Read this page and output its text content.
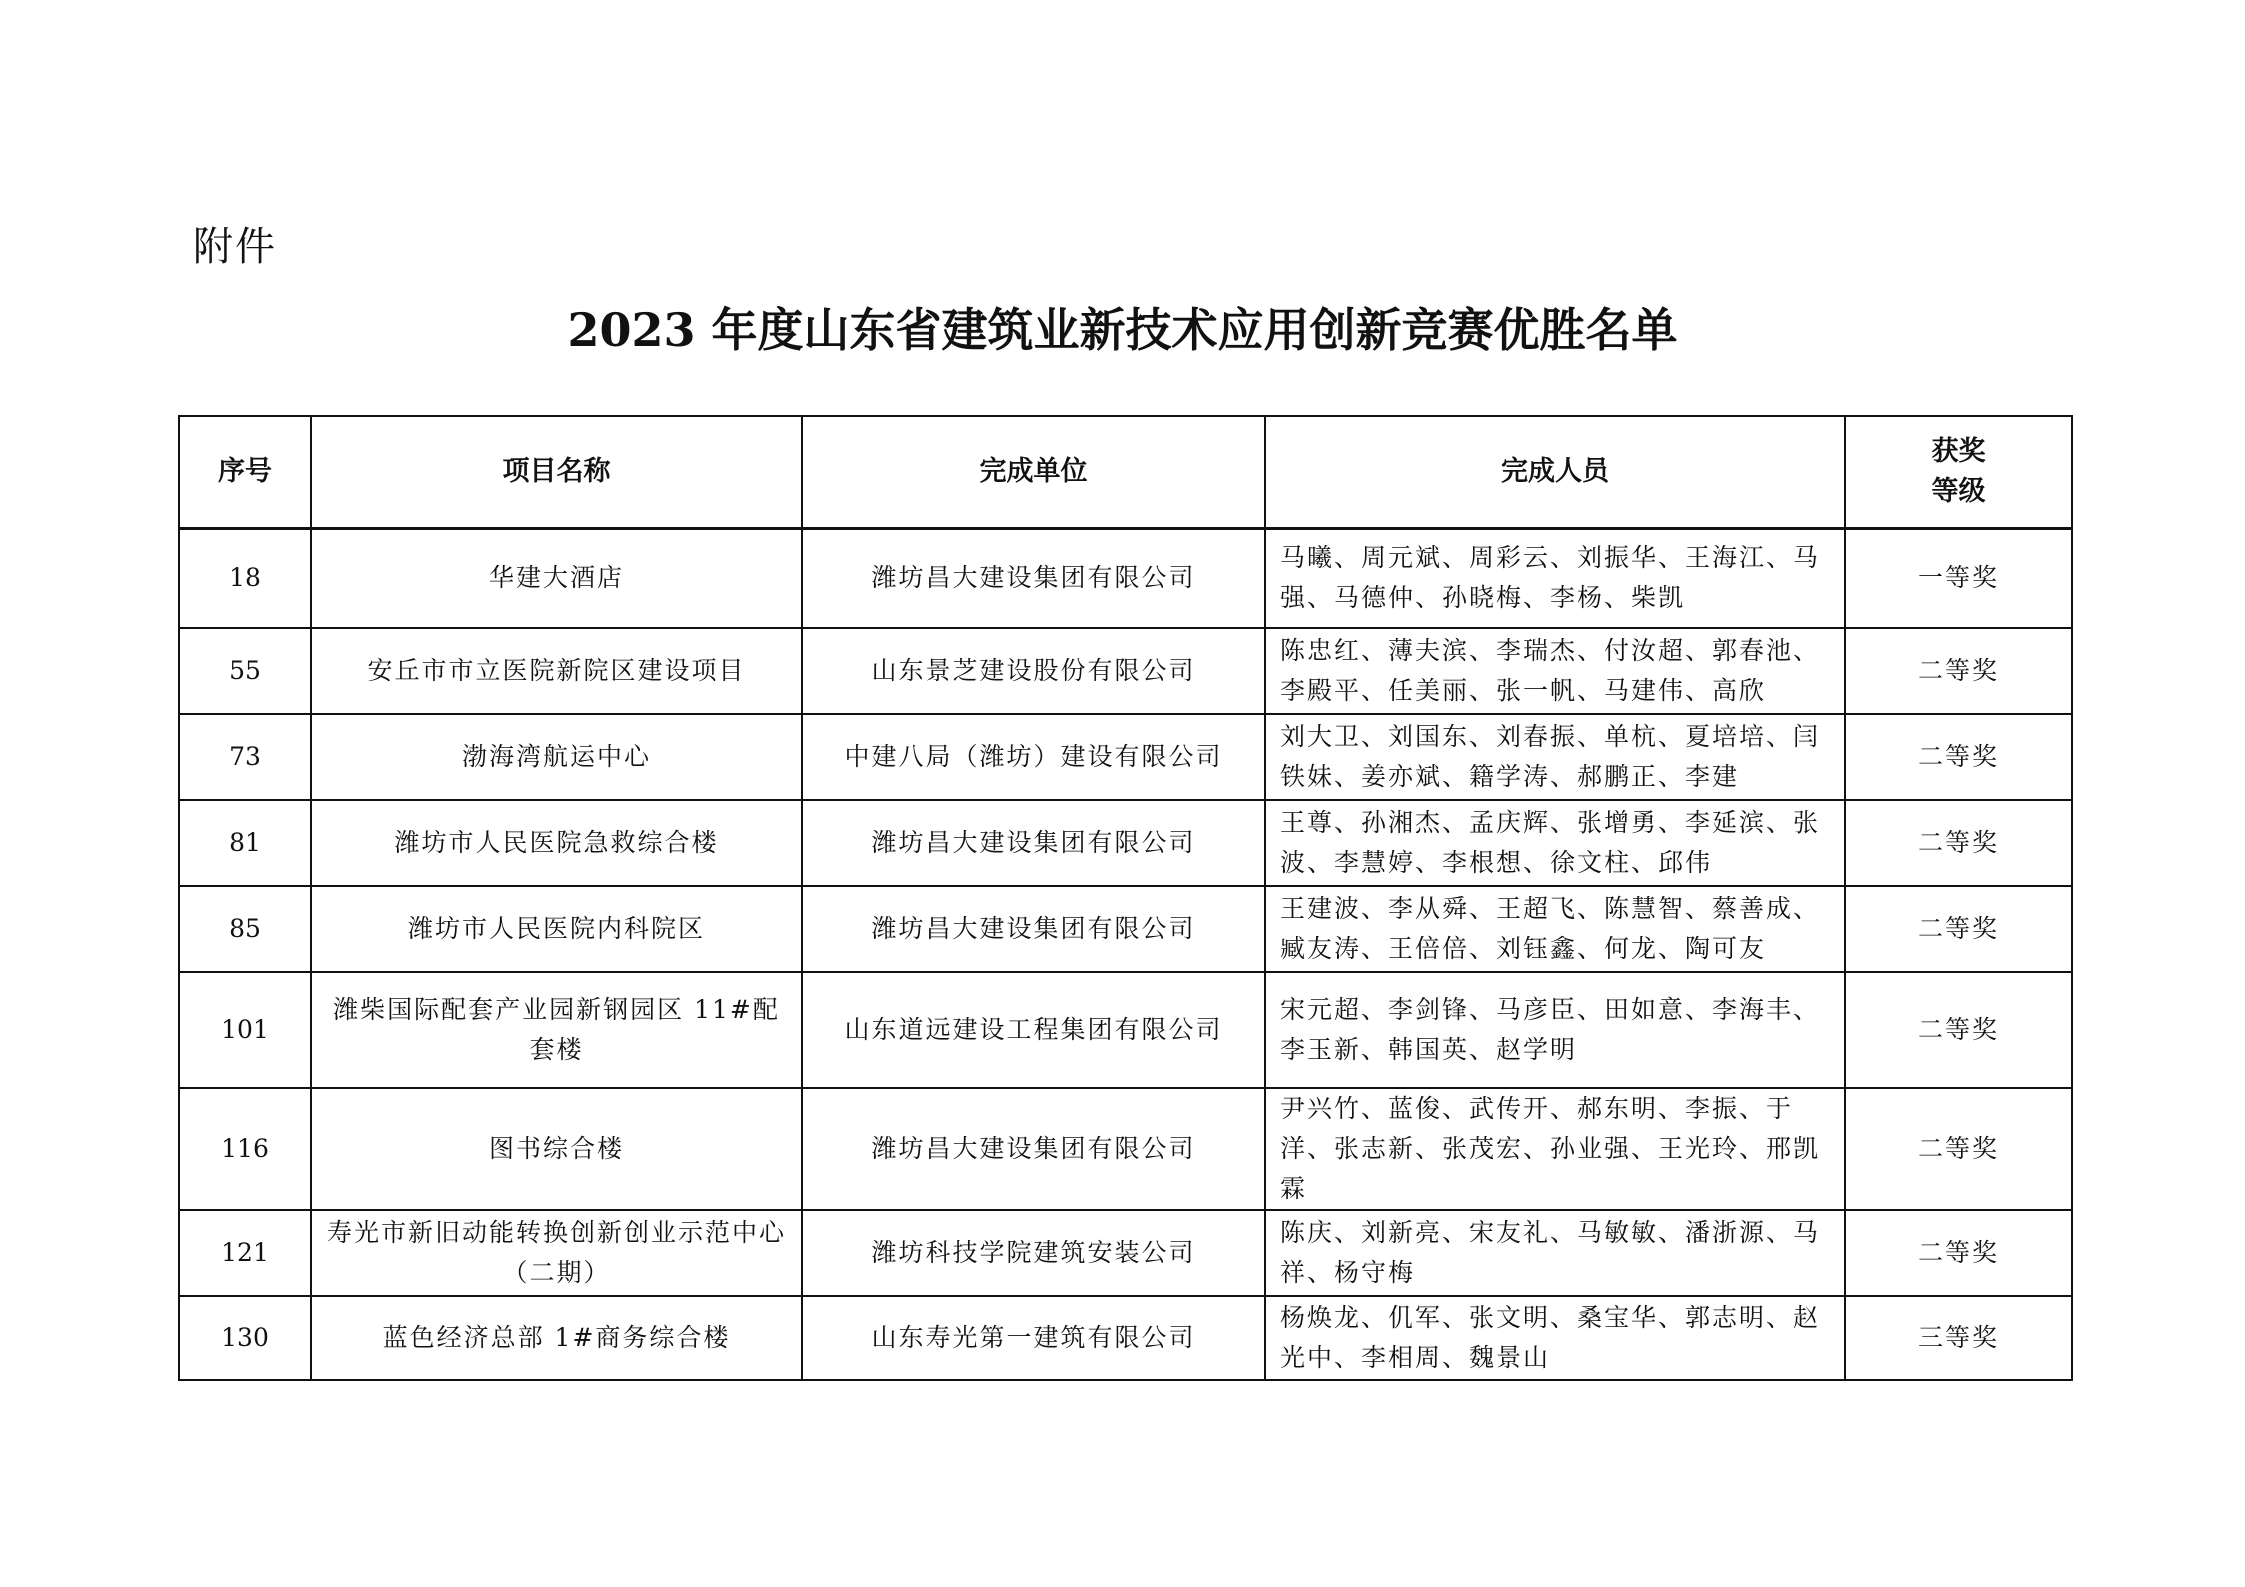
附件
2023 年度山东省建筑业新技术应用创新竞赛优胜名单
序号	项目名称	完成单位	完成人员	获奖
等级

18	华建大酒店	潍坊昌大建设集团有限公司	马曦、周元斌、周彩云、刘振华、王海江、马强、马德仲、孙晓梅、李杨、柴凯	一等奖
55	安丘市市立医院新院区建设项目	山东景芝建设股份有限公司	陈忠红、薄夫滨、李瑞杰、付汝超、郭春池、李殿平、任美丽、张一帆、马建伟、高欣	二等奖
73	渤海湾航运中心	中建八局（潍坊）建设有限公司	刘大卫、刘国东、刘春振、单杭、夏培培、闫铁妹、姜亦斌、籍学涛、郝鹏正、李建	二等奖
81	潍坊市人民医院急救综合楼	潍坊昌大建设集团有限公司	王尊、孙湘杰、孟庆辉、张增勇、李延滨、张波、李慧婷、李根想、徐文柱、邱伟	二等奖
85	潍坊市人民医院内科院区	潍坊昌大建设集团有限公司	王建波、李从舜、王超飞、陈慧智、蔡善成、臧友涛、王倍倍、刘钰鑫、何龙、陶可友	二等奖
101	潍柴国际配套产业园新钢园区 11#配套楼	山东道远建设工程集团有限公司	宋元超、李剑锋、马彦臣、田如意、李海丰、李玉新、韩国英、赵学明	二等奖
116	图书综合楼	潍坊昌大建设集团有限公司	尹兴竹、蓝俊、武传开、郝东明、李振、于洋、张志新、张茂宏、孙业强、王光玲、邢凯霖	二等奖
121	寿光市新旧动能转换创新创业示范中心（二期）	潍坊科技学院建筑安装公司	陈庆、刘新亮、宋友礼、马敏敏、潘浙源、马祥、杨守梅	二等奖
130	蓝色经济总部 1#商务综合楼	山东寿光第一建筑有限公司	杨焕龙、仉军、张文明、桑宝华、郭志明、赵光中、李相周、魏景山	三等奖
